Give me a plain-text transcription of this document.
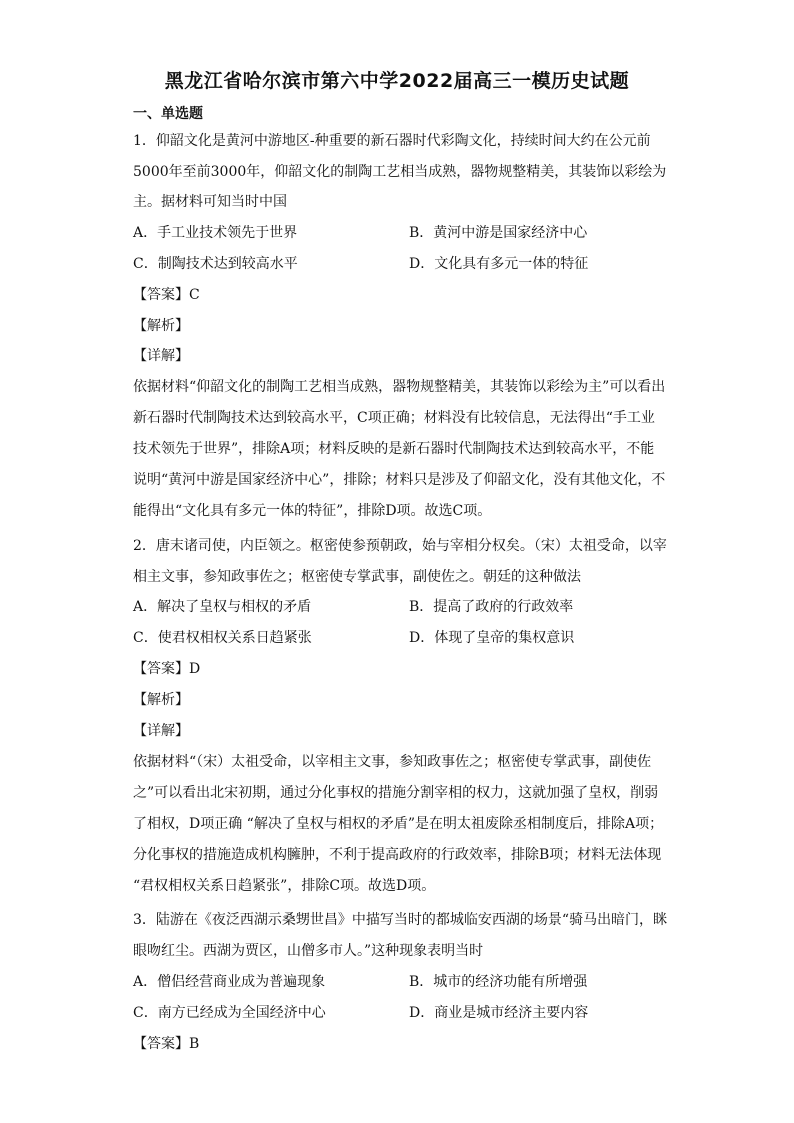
黑龙江省哈尔滨市第六中学2022届高三一模历史试题
一、单选题
1．仰韶文化是黄河中游地区-种重要的新石器时代彩陶文化，持续时间大约在公元前
5000年至前3000年，仰韶文化的制陶工艺相当成熟，器物规整精美，其装饰以彩绘为
主。据材料可知当时中国
A．手工业技术领先于世界	B．黄河中游是国家经济中心
C．制陶技术达到较高水平	D．文化具有多元一体的特征
【答案】C
【解析】
【详解】
依据材料“仰韶文化的制陶工艺相当成熟，器物规整精美，其装饰以彩绘为主”可以看出
新石器时代制陶技术达到较高水平，C项正确；材料没有比较信息，无法得出“手工业
技术领先于世界”，排除A项；材料反映的是新石器时代制陶技术达到较高水平，不能
说明“黄河中游是国家经济中心”，排除；材料只是涉及了仰韶文化，没有其他文化，不
能得出“文化具有多元一体的特征”，排除D项。故选C项。
2．唐末诸司使，内臣领之。枢密使参预朝政，始与宰相分权矣。（宋）太祖受命，以宰
相主文事，参知政事佐之；枢密使专掌武事，副使佐之。朝廷的这种做法
A．解决了皇权与相权的矛盾	B．提高了政府的行政效率
C．使君权相权关系日趋紧张	D．体现了皇帝的集权意识
【答案】D
【解析】
【详解】
依据材料“（宋）太祖受命，以宰相主文事，参知政事佐之；枢密使专掌武事，副使佐
之”可以看出北宋初期，通过分化事权的措施分割宰相的权力，这就加强了皇权，削弱
了相权，D项正确 “解决了皇权与相权的矛盾”是在明太祖废除丞相制度后，排除A项；
分化事权的措施造成机构臃肿，不利于提高政府的行政效率，排除B项；材料无法体现
“君权相权关系日趋紧张”，排除C项。故选D项。
3．陆游在《夜泛西湖示桑甥世昌》中描写当时的都城临安西湖的场景“骑马出暗门，眯
眼吻红尘。西湖为贾区，山僧多市人。”这种现象表明当时
A．僧侣经营商业成为普遍现象	B．城市的经济功能有所增强
C．南方已经成为全国经济中心	D．商业是城市经济主要内容
【答案】B
